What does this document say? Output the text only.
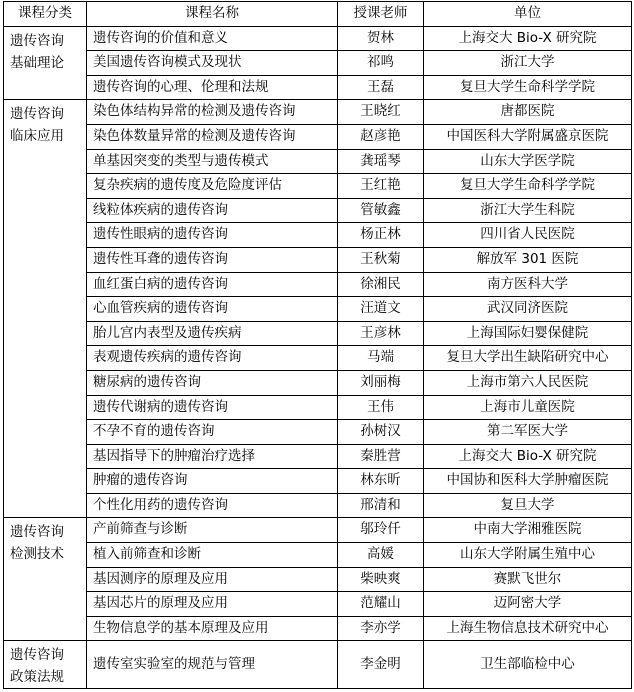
课程分类	课程名称	授课老师	单位

遗传咨询
基础理论	遗传咨询的价值和意义	贺林	上海交大 Bio-X 研究院
	美国遗传咨询模式及现状	祁鸣	浙江大学
	遗传咨询的心理、伦理和法规	王磊	复旦大学生命科学学院

遗传咨询
临床应用	染色体结构异常的检测及遗传咨询	王晓红	唐都医院
	染色体数量异常的检测及遗传咨询	赵彦艳	中国医科大学附属盛京医院
	单基因突变的类型与遗传模式	龚瑶琴	山东大学医学院
	复杂疾病的遗传度及危险度评估	王红艳	复旦大学生命科学学院
	线粒体疾病的遗传咨询	管敏鑫	浙江大学生科院
	遗传性眼病的遗传咨询	杨正林	四川省人民医院
	遗传性耳聋的遗传咨询	王秋菊	解放军 301 医院
	血红蛋白病的遗传咨询	徐湘民	南方医科大学
	心血管疾病的遗传咨询	汪道文	武汉同济医院
	胎儿宫内表型及遗传疾病	王彦林	上海国际妇婴保健院
	表观遗传疾病的遗传咨询	马端	复旦大学出生缺陷研究中心
	糖尿病的遗传咨询	刘丽梅	上海市第六人民医院
	遗传代谢病的遗传咨询	王伟	上海市儿童医院
	不孕不育的遗传咨询	孙树汉	第二军医大学
	基因指导下的肿瘤治疗选择	秦胜营	上海交大 Bio-X 研究院
	肿瘤的遗传咨询	林东昕	中国协和医科大学肿瘤医院
	个性化用药的遗传咨询	邢清和	复旦大学

遗传咨询
检测技术	产前筛查与诊断	邬玲仟	中南大学湘雅医院
	植入前筛查和诊断	高媛	山东大学附属生殖中心
	基因测序的原理及应用	柴映爽	赛默飞世尔
	基因芯片的原理及应用	范耀山	迈阿密大学
	生物信息学的基本原理及应用	李亦学	上海生物信息技术研究中心

遗传咨询
政策法规	遗传室实验室的规范与管理	李金明	卫生部临检中心
